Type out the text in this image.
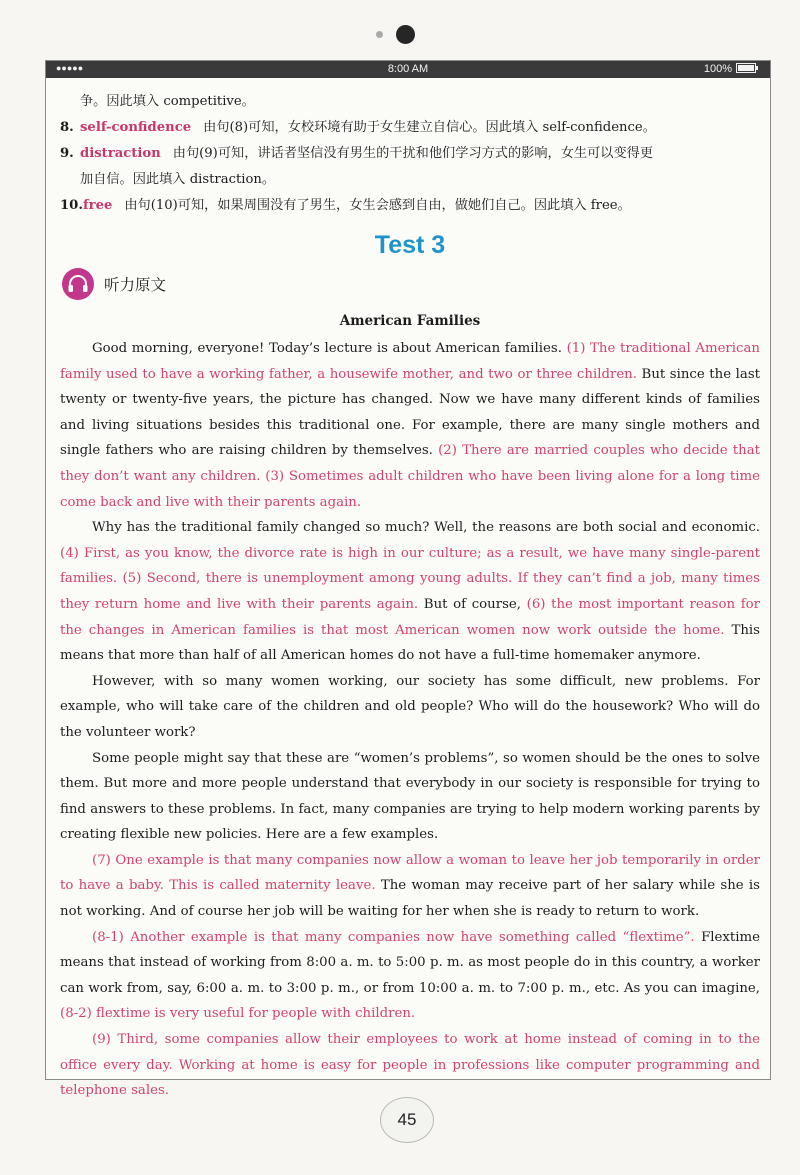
●●●●●	8:00 AM	100%

争。因此填入 competitive。

8. self-confidence 由句(8)可知，女校环境有助于女生建立自信心。因此填入 self-confidence。

9. distraction 由句(9)可知，讲话者坚信没有男生的干扰和他们学习方式的影响，女生可以变得更
加自信。因此填入 distraction。

10.free 由句(10)可知，如果周围没有了男生，女生会感到自由，做她们自己。因此填入 free。

Test 3
听力原文
American Families

Good morning, everyone! Today’s lecture is about American families. (1) The traditional American family used to have a working father, a housewife mother, and two or three children. But since the last twenty or twenty-five years, the picture has changed. Now we have many different kinds of families and living situations besides this traditional one. For example, there are many single mothers and single fathers who are raising children by themselves. (2) There are married couples who decide that they don’t want any children. (3) Sometimes adult children who have been living alone for a long time come back and live with their parents again.

Why has the traditional family changed so much? Well, the reasons are both social and economic. (4) First, as you know, the divorce rate is high in our culture; as a result, we have many single-parent families. (5) Second, there is unemployment among young adults. If they can’t find a job, many times they return home and live with their parents again. But of course, (6) the most important reason for the changes in American families is that most American women now work outside the home. This means that more than half of all American homes do not have a full-time homemaker anymore.

However, with so many women working, our society has some difficult, new problems. For example, who will take care of the children and old people? Who will do the housework? Who will do the volunteer work?

Some people might say that these are “women’s problems”, so women should be the ones to solve them. But more and more people understand that everybody in our society is responsible for trying to find answers to these problems. In fact, many companies are trying to help modern working parents by creating flexible new policies. Here are a few examples.

(7) One example is that many companies now allow a woman to leave her job temporarily in order to have a baby. This is called maternity leave. The woman may receive part of her salary while she is not working. And of course her job will be waiting for her when she is ready to return to work.

(8-1) Another example is that many companies now have something called “flextime”. Flextime means that instead of working from 8:00 a. m. to 5:00 p. m. as most people do in this country, a worker can work from, say, 6:00 a. m. to 3:00 p. m., or from 10:00 a. m. to 7:00 p. m., etc. As you can imagine, (8-2) flextime is very useful for people with children.

(9) Third, some companies allow their employees to work at home instead of coming in to the office every day. Working at home is easy for people in professions like computer programming and telephone sales.

45
